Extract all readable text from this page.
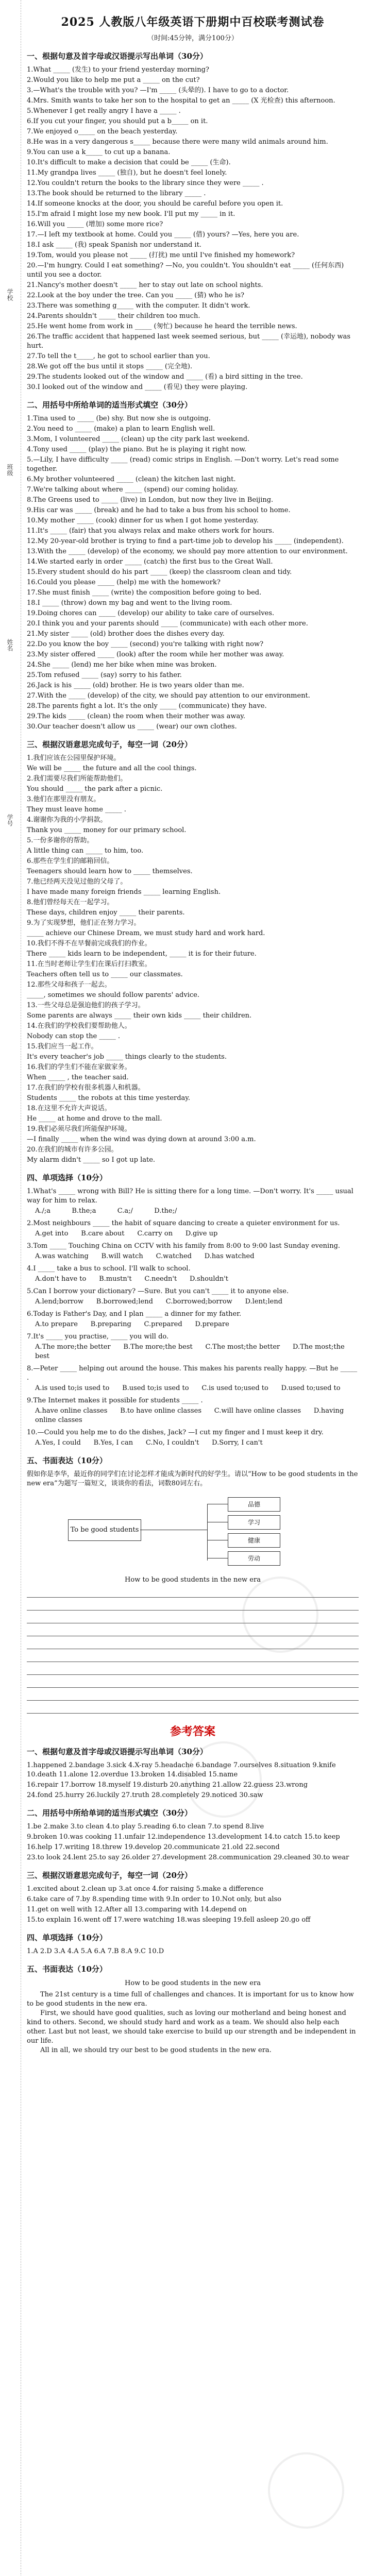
学校
班级
姓名
学号
2025 人教版八年级英语下册期中百校联考测试卷
（时间:45分钟，满分100分）
一、根据句意及首字母或汉语提示写出单词（30分）
1.What _____ (发生) to your friend yesterday morning?
2.Would you like to help me put a _____ on the cut?
3.—What's the trouble with you? —I'm _____ (头晕的). I have to go to a doctor.
4.Mrs. Smith wants to take her son to the hospital to get an _____ (X 光检查) this afternoon.
5.Whenever I get really angry I have a _____ .
6.If you cut your finger, you should put a b_____ on it.
7.We enjoyed o_____ on the beach yesterday.
8.He was in a very dangerous s_____ because there were many wild animals around him.
9.You can use a k_____ to cut up a banana.
10.It's difficult to make a decision that could be _____ (生命).
11.My grandpa lives _____ (独自), but he doesn't feel lonely.
12.You couldn't return the books to the library since they were _____ .
13.The book should be returned to the library _____ .
14.If someone knocks at the door, you should be careful before you open it.
15.I'm afraid I might lose my new book. I'll put my _____ in it.
16.Will you _____ (增加) some more rice?
17.—I left my textbook at home. Could you _____ (借) yours? —Yes, here you are.
18.I ask _____ (我) speak Spanish nor understand it.
19.Tom, would you please not _____ (打扰) me until I've finished my homework?
20.—I'm hungry. Could I eat something? —No, you couldn't. You shouldn't eat _____ (任何东西) until you see a doctor.
21.Nancy's mother doesn't _____ her to stay out late on school nights.
22.Look at the boy under the tree. Can you _____ (猜) who he is?
23.There was something g_____ with the computer. It didn't work.
24.Parents shouldn't _____ their children too much.
25.He went home from work in _____ (匆忙) because he heard the terrible news.
26.The traffic accident that happened last week seemed serious, but _____ (幸运地), nobody was hurt.
27.To tell the t_____, he got to school earlier than you.
28.We got off the bus until it stops _____ (完全地).
29.The students looked out of the window and _____ (看) a bird sitting in the tree.
30.I looked out of the window and _____ (看见) they were playing.
二、用括号中所给单词的适当形式填空（30分）
1.Tina used to _____ (be) shy. But now she is outgoing.
2.You need to _____ (make) a plan to learn English well.
3.Mom, I volunteered _____ (clean) up the city park last weekend.
4.Tony used _____ (play) the piano. But he is playing it right now.
5.—Lily, I have difficulty _____ (read) comic strips in English. —Don't worry. Let's read some together.
6.My brother volunteered _____ (clean) the kitchen last night.
7.We're talking about where _____ (spend) our coming holiday.
8.The Greens used to _____ (live) in London, but now they live in Beijing.
9.His car was _____ (break) and he had to take a bus from his school to home.
10.My mother _____ (cook) dinner for us when I got home yesterday.
11.It's _____ (fair) that you always relax and make others work for hours.
12.My 20-year-old brother is trying to find a part-time job to develop his _____ (independent).
13.With the _____ (develop) of the economy, we should pay more attention to our environment.
14.We started early in order _____ (catch) the first bus to the Great Wall.
15.Every student should do his part _____ (keep) the classroom clean and tidy.
16.Could you please _____ (help) me with the homework?
17.She must finish _____ (write) the composition before going to bed.
18.I _____ (throw) down my bag and went to the living room.
19.Doing chores can _____ (develop) our ability to take care of ourselves.
20.I think you and your parents should _____ (communicate) with each other more.
21.My sister _____ (old) brother does the dishes every day.
22.Do you know the boy _____ (second) you're talking with right now?
23.My sister offered _____ (look) after the room while her mother was away.
24.She _____ (lend) me her bike when mine was broken.
25.Tom refused _____ (say) sorry to his father.
26.Jack is his _____ (old) brother. He is two years older than me.
27.With the _____ (develop) of the city, we should pay attention to our environment.
28.The parents fight a lot. It's the only _____ (communicate) they have.
29.The kids _____ (clean) the room when their mother was away.
30.Our teacher doesn't allow us _____ (wear) our own clothes.
三、根据汉语意思完成句子，每空一词（20分）
1.我们应该在公园里保护环境。
We will be _____ the future and all the cool things.
2.我们需要尽我们所能帮助他们。
You should _____ the park after a picnic.
3.他们在那里没有朋友。
They must leave home _____ .
4.谢谢你为我的小学捐款。
Thank you _____ money for our primary school.
5.一份多谢你的帮助。
A little thing can _____ to him, too.
6.那些在学生们的邮箱回信。
Teenagers should learn how to _____ themselves.
7.他已经两天没见过他的父母了。
I have made many foreign friends _____ learning English.
8.他们曾经每天在一起学习。
These days, children enjoy _____ their parents.
9.为了实现梦想，他们正在努力学习。
_____ achieve our Chinese Dream, we must study hard and work hard.
10.我们不得不在早餐前完成我们的作业。
There _____ kids learn to be independent, _____ it is for their future.
11.在当时老师让学生们在课后打扫教室。
Teachers often tell us to _____ our classmates.
12.那些父母和孩子一起去。
_____, sometimes we should follow parents' advice.
13.一些父母总是强迫他们的孩子学习。
Some parents are always _____ their own kids _____ their children.
14.在我们的学校我们要帮助他人。
Nobody can stop the _____ .
15.我们应当一起工作。
It's every teacher's job _____ things clearly to the students.
16.我们的学生们不能在家做家务。
When _____ , the teacher said.
17.在我们的学校有很多机器人和机器。
Students _____ the robots at this time yesterday.
18.在这里不允许大声说话。
He _____ at home and drove to the mall.
19.我们必须尽我们所能保护环境。
—I finally _____ when the wind was dying down at around 3:00 a.m.
20.在我们的城市有许多公园。
My alarm didn't _____ so I got up late.
四、单项选择（10分）
1.What's _____ wrong with Bill? He is sitting there for a long time. —Don't worry. It's _____ usual way for him to relax.
A./;a          B.the;a          C.a;/          D.the;/
2.Most neighbours _____ the habit of square dancing to create a quieter environment for us.
A.get into      B.care about      C.carry on      D.give up
3.Tom _____ Touching China on CCTV with his family from 8:00 to 9:00 last Sunday evening.
A.was watching      B.will watch      C.watched      D.has watched
4.I _____ take a bus to school. I'll walk to school.
A.don't have to      B.mustn't      C.needn't      D.shouldn't
5.Can I borrow your dictionary? —Sure. But you can't _____ it to anyone else.
A.lend;borrow      B.borrowed;lend      C.borrowed;borrow      D.lent;lend
6.Today is Father's Day, and I plan _____ a dinner for my father.
A.to prepare      B.preparing      C.prepared      D.prepare
7.It's _____ you practise, _____ you will do.
A.The more;the better      B.The more;the best      C.The most;the better      D.The most;the best
8.—Peter _____ helping out around the house. This makes his parents really happy. —But he _____ .
A.is used to;is used to      B.used to;is used to      C.is used to;used to      D.used to;used to
9.The Internet makes it possible for students _____ .
A.have online classes      B.to have online classes      C.will have online classes      D.having online classes
10.—Could you help me to do the dishes, Jack? —I cut my finger and I must keep it dry.
A.Yes, I could      B.Yes, I can      C.No, I couldn't      D.Sorry, I can't
五、书面表达（10分）
假如你是李华，最近你的同学们在讨论怎样才能成为新时代的好学生。请以“How to be good students in the new era”为题写一篇短文，谈谈你的看法，词数80词左右。
To be good students
品德
学习
健康
劳动
How to be good students in the new era
参考答案
一、根据句意及首字母或汉语提示写出单词（30分）
1.happened 2.bandage 3.sick 4.X-ray 5.headache 6.bandage 7.ourselves 8.situation 9.knife 10.death 11.alone 12.overdue 13.broken 14.disabled 15.name
16.repair 17.borrow 18.myself 19.disturb 20.anything 21.allow 22.guess 23.wrong
24.fond 25.hurry 26.luckily 27.truth 28.completely 29.noticed 30.saw
二、用括号中所给单词的适当形式填空（30分）
1.be 2.make 3.to clean 4.to play 5.reading 6.to clean 7.to spend 8.live
9.broken 10.was cooking 11.unfair 12.independence 13.development 14.to catch 15.to keep
16.help 17.writing 18.threw 19.develop 20.communicate 21.old 22.second
23.to look 24.lent 25.to say 26.older 27.development 28.communication 29.cleaned 30.to wear
三、根据汉语意思完成句子，每空一词（20分）
1.excited about 2.clean up 3.at once 4.for raising 5.make a difference
6.take care of 7.by 8.spending time with 9.In order to 10.Not only, but also
11.get on well with 12.After all 13.comparing with 14.depend on
15.to explain 16.went off 17.were watching 18.was sleeping 19.fell asleep 20.go off
四、单项选择（10分）
1.A 2.D 3.A 4.A 5.A 6.A 7.B 8.A 9.C 10.D
五、书面表达（10分）
How to be good students in the new era
The 21st century is a time full of challenges and chances. It is important for us to know how to be good students in the new era.
First, we should have good qualities, such as loving our motherland and being honest and kind to others. Second, we should study hard and work as a team. We should also help each other. Last but not least, we should take exercise to build up our strength and be independent in our life.
All in all, we should try our best to be good students in the new era.
